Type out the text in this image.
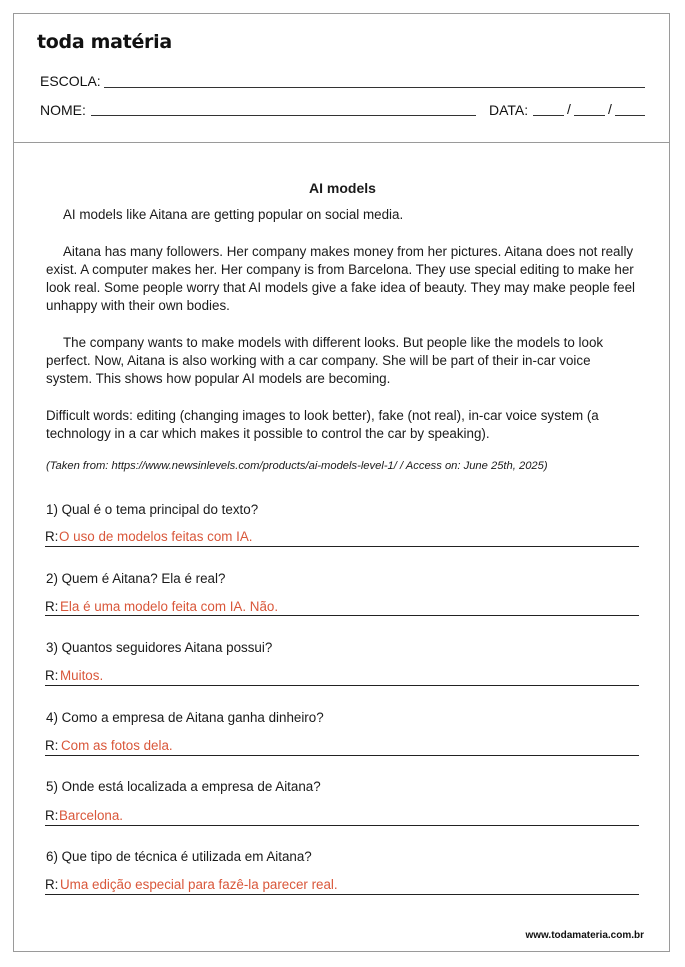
toda matéria
ESCOLA:
NOME:	DATA:	/	/
AI models

AI models like Aitana are getting popular on social media.

Aitana has many followers. Her company makes money from her pictures. Aitana does not really exist. A computer makes her. Her company is from Barcelona. They use special editing to make her look real. Some people worry that AI models give a fake idea of beauty. They may make people feel unhappy with their own bodies.

The company wants to make models with different looks. But people like the models to look perfect. Now, Aitana is also working with a car company. She will be part of their in-car voice system. This shows how popular AI models are becoming.

Difficult words: editing (changing images to look better), fake (not real), in-car voice system (a technology in a car which makes it possible to control the car by speaking).

(Taken from: https://www.newsinlevels.com/products/ai-models-level-1/ / Access on: June 25th, 2025)
1) Qual é o tema principal do texto?
R: O uso de modelos feitas com IA.
2) Quem é Aitana? Ela é real?
R: Ela é uma modelo feita com IA. Não.
3) Quantos seguidores Aitana possui?
R: Muitos.
4) Como a empresa de Aitana ganha dinheiro?
R: Com as fotos dela.
5) Onde está localizada a empresa de Aitana?
R: Barcelona.
6) Que tipo de técnica é utilizada em Aitana?
R: Uma edição especial para fazê-la parecer real.
www.todamateria.com.br
